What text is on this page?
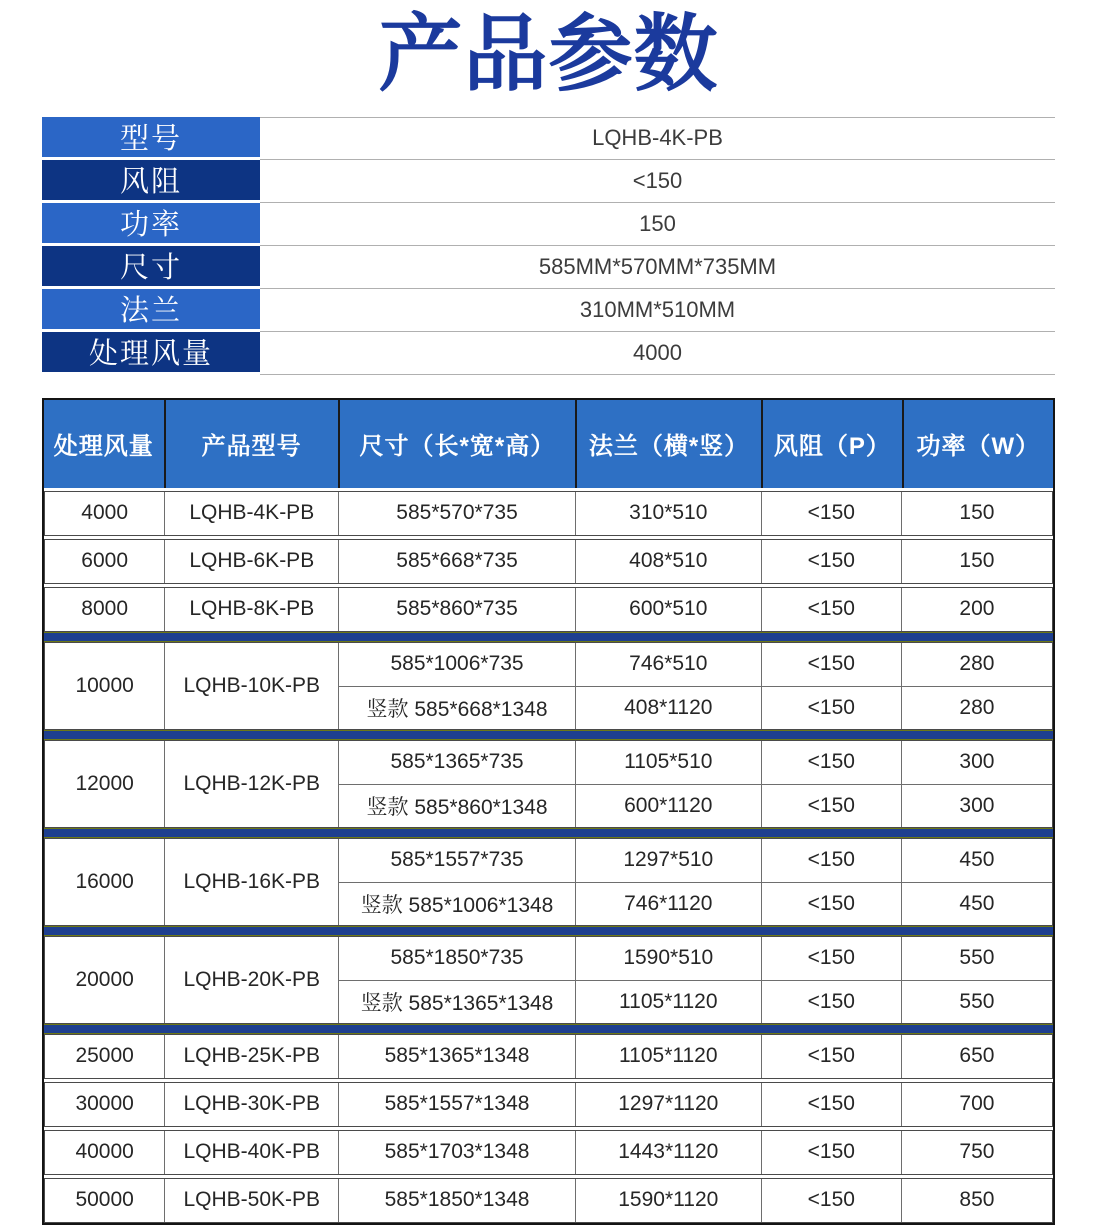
产品参数
型号	LQHB-4K-PB
风阻	<150
功率	150
尺寸	585MM*570MM*735MM
法兰	310MM*510MM
处理风量	4000
处理风量	产品型号	尺寸（长*宽*高）	法兰（横*竖）	风阻（P）	功率（W）
4000	LQHB-4K-PB	585*570*735	310*510	<150	150
6000	LQHB-6K-PB	585*668*735	408*510	<150	150
8000	LQHB-8K-PB	585*860*735	600*510	<150	200
10000	LQHB-10K-PB
585*1006*735	746*510	<150	280
竖款 585*668*1348	408*1120	<150	280
12000	LQHB-12K-PB
585*1365*735	1105*510	<150	300
竖款 585*860*1348	600*1120	<150	300
16000	LQHB-16K-PB
585*1557*735	1297*510	<150	450
竖款 585*1006*1348	746*1120	<150	450
20000	LQHB-20K-PB
585*1850*735	1590*510	<150	550
竖款 585*1365*1348	1105*1120	<150	550
25000	LQHB-25K-PB	585*1365*1348	1105*1120	<150	650
30000	LQHB-30K-PB	585*1557*1348	1297*1120	<150	700
40000	LQHB-40K-PB	585*1703*1348	1443*1120	<150	750
50000	LQHB-50K-PB	585*1850*1348	1590*1120	<150	850
